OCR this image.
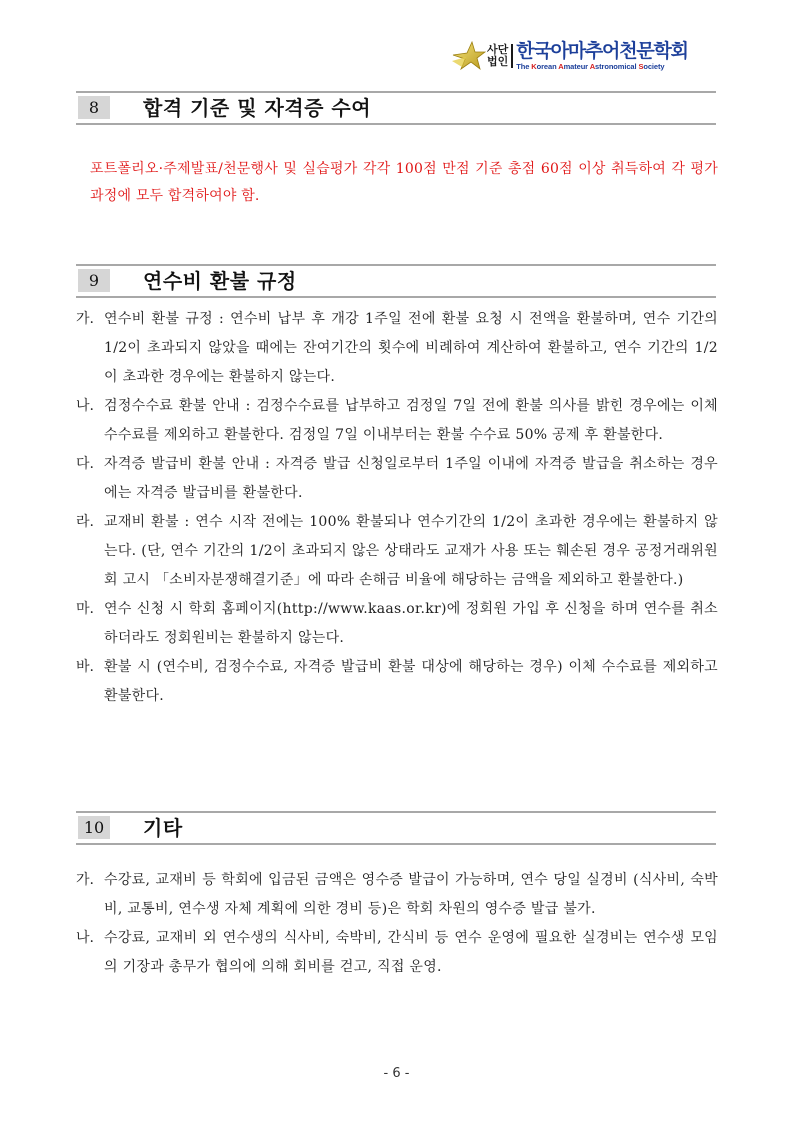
사단
법인 한국아마추어천문학회
The Korean Amateur Astronomical Society
8	합격 기준 및 자격증 수여
포트폴리오·주제발표/천문행사 및 실습평가 각각 100점 만점 기준 총점 60점 이상 취득하여 각 평가 과정에 모두 합격하여야 함.
9	연수비 환불 규정
가. 연수비 환불 규정 : 연수비 납부 후 개강 1주일 전에 환불 요청 시 전액을 환불하며, 연수 기간의 1/2이 초과되지 않았을 때에는 잔여기간의 횟수에 비례하여 계산하여 환불하고, 연수 기간의 1/2이 초과한 경우에는 환불하지 않는다.
나. 검정수수료 환불 안내 : 검정수수료를 납부하고 검정일 7일 전에 환불 의사를 밝힌 경우에는 이체수수료를 제외하고 환불한다. 검정일 7일 이내부터는 환불 수수료 50% 공제 후 환불한다.
다. 자격증 발급비 환불 안내 : 자격증 발급 신청일로부터 1주일 이내에 자격증 발급을 취소하는 경우에는 자격증 발급비를 환불한다.
라. 교재비 환불 : 연수 시작 전에는 100% 환불되나 연수기간의 1/2이 초과한 경우에는 환불하지 않는다. (단, 연수 기간의 1/2이 초과되지 않은 상태라도 교재가 사용 또는 훼손된 경우 공정거래위원회 고시 「소비자분쟁해결기준」에 따라 손해금 비율에 해당하는 금액을 제외하고 환불한다.)
마. 연수 신청 시 학회 홈페이지(http://www.kaas.or.kr)에 정회원 가입 후 신청을 하며 연수를 취소하더라도 정회원비는 환불하지 않는다.
바. 환불 시 (연수비, 검정수수료, 자격증 발급비 환불 대상에 해당하는 경우) 이체 수수료를 제외하고 환불한다.
10 기타
가. 수강료, 교재비 등 학회에 입금된 금액은 영수증 발급이 가능하며, 연수 당일 실경비 (식사비, 숙박비, 교통비, 연수생 자체 계획에 의한 경비 등)은 학회 차원의 영수증 발급 불가.
나. 수강료, 교재비 외 연수생의 식사비, 숙박비, 간식비 등 연수 운영에 필요한 실경비는 연수생 모임의 기장과 총무가 협의에 의해 회비를 걷고, 직접 운영.
- 6 -
